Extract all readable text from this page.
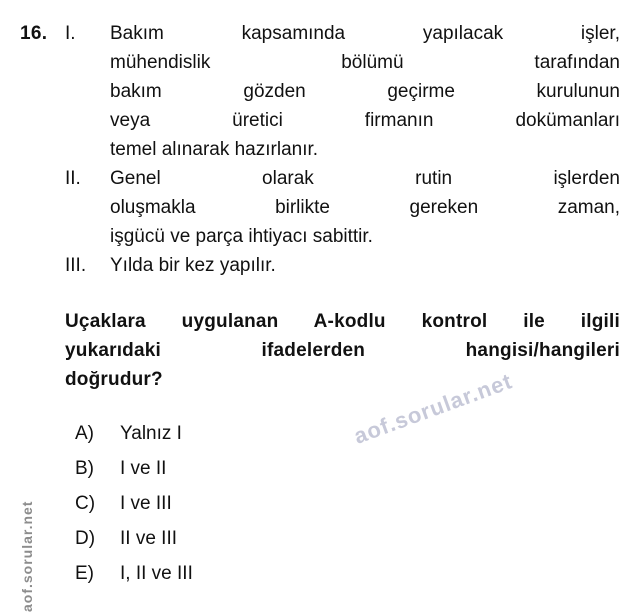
aof.sorular.net
aof.sorular.net
16. I.	Bakım kapsamında yapılacak işler,
mühendislik bölümü tarafından
bakım gözden geçirme kurulunun
veya üretici firmanın dokümanları
temel alınarak hazırlanır.
II.	Genel olarak rutin işlerden
oluşmakla birlikte gereken zaman,
işgücü ve parça ihtiyacı sabittir.
III.	Yılda bir kez yapılır.
Uçaklara uygulanan A-kodlu kontrol ile ilgili
yukarıdaki ifadelerden hangisi/hangileri
doğrudur?
A)	Yalnız I
B)	I ve II
C)	I ve III
D)	II ve III
E)	I, II ve III
